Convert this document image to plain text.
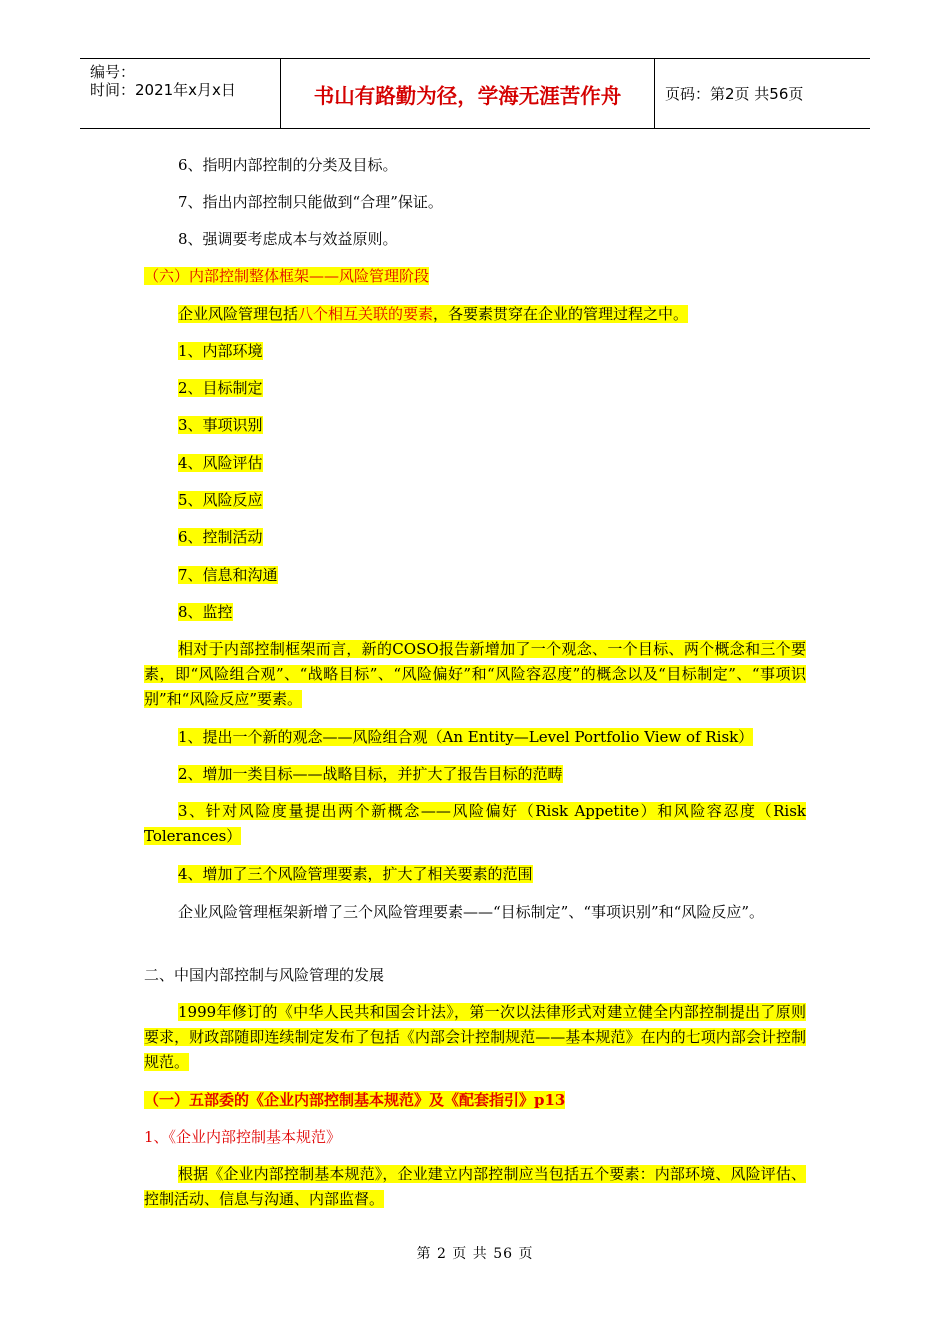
编号：
时间：2021年x月x日	书山有路勤为径，学海无涯苦作舟	页码：第2页 共56页

6、指明内部控制的分类及目标。

7、指出内部控制只能做到“合理”保证。

8、强调要考虑成本与效益原则。

（六）内部控制整体框架——风险管理阶段

企业风险管理包括八个相互关联的要素，各要素贯穿在企业的管理过程之中。

1、内部环境

2、目标制定

3、事项识别

4、风险评估

5、风险反应

6、控制活动

7、信息和沟通

8、监控

相对于内部控制框架而言，新的COSO报告新增加了一个观念、一个目标、两个概念和三个要素，即“风险组合观”、“战略目标”、“风险偏好”和“风险容忍度”的概念以及“目标制定”、“事项识别”和“风险反应”要素。

1、提出一个新的观念——风险组合观（An Entity—Level Portfolio View of Risk）

2、增加一类目标——战略目标，并扩大了报告目标的范畴

3、针对风险度量提出两个新概念——风险偏好（Risk Appetite）和风险容忍度（Risk Tolerances）

4、增加了三个风险管理要素，扩大了相关要素的范围

企业风险管理框架新增了三个风险管理要素——“目标制定”、“事项识别”和“风险反应”。

二、中国内部控制与风险管理的发展

1999年修订的《中华人民共和国会计法》，第一次以法律形式对建立健全内部控制提出了原则要求，财政部随即连续制定发布了包括《内部会计控制规范——基本规范》在内的七项内部会计控制规范。

（一）五部委的《企业内部控制基本规范》及《配套指引》p13

1、《企业内部控制基本规范》

根据《企业内部控制基本规范》，企业建立内部控制应当包括五个要素：内部环境、风险评估、控制活动、信息与沟通、内部监督。

第 2 页 共 56 页
